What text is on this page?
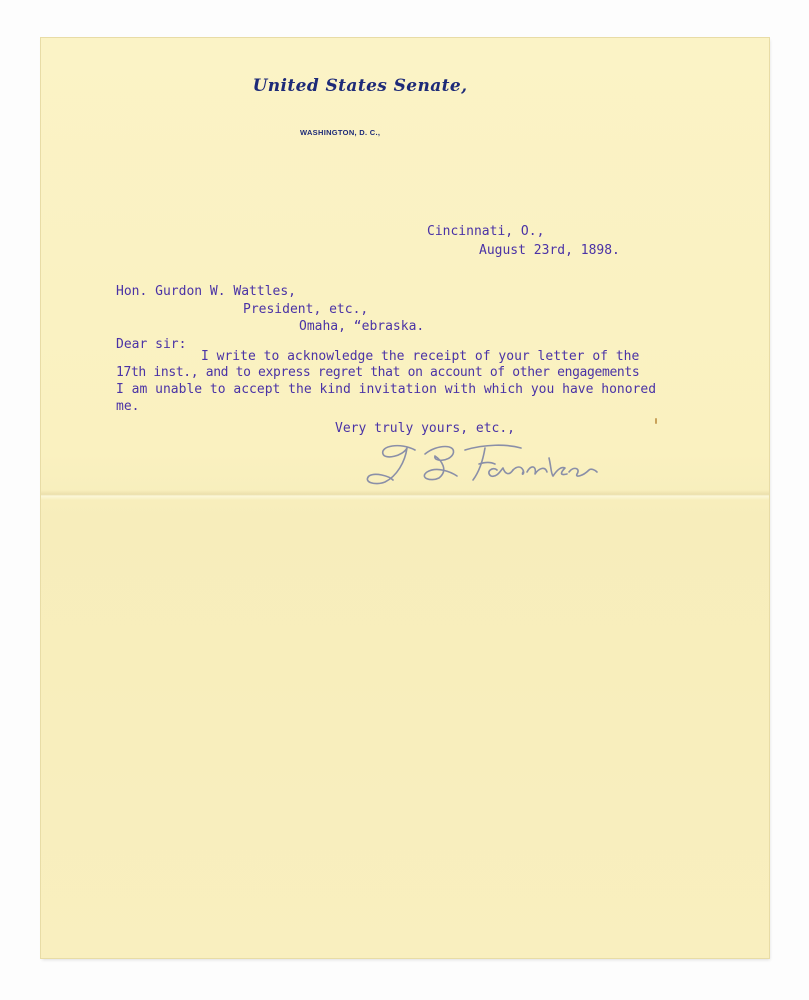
United States Senate,
WASHINGTON, D. C.,
Cincinnati, O.,
August 23rd, 1898.
Hon. Gurdon W. Wattles,
President, etc.,
Omaha, “ebraska.
Dear sir:
I write to acknowledge the receipt of your letter of the
17th inst., and to express regret that on account of other engagements
I am unable to accept the kind invitation with which you have honored
me.
Very truly yours, etc.,
